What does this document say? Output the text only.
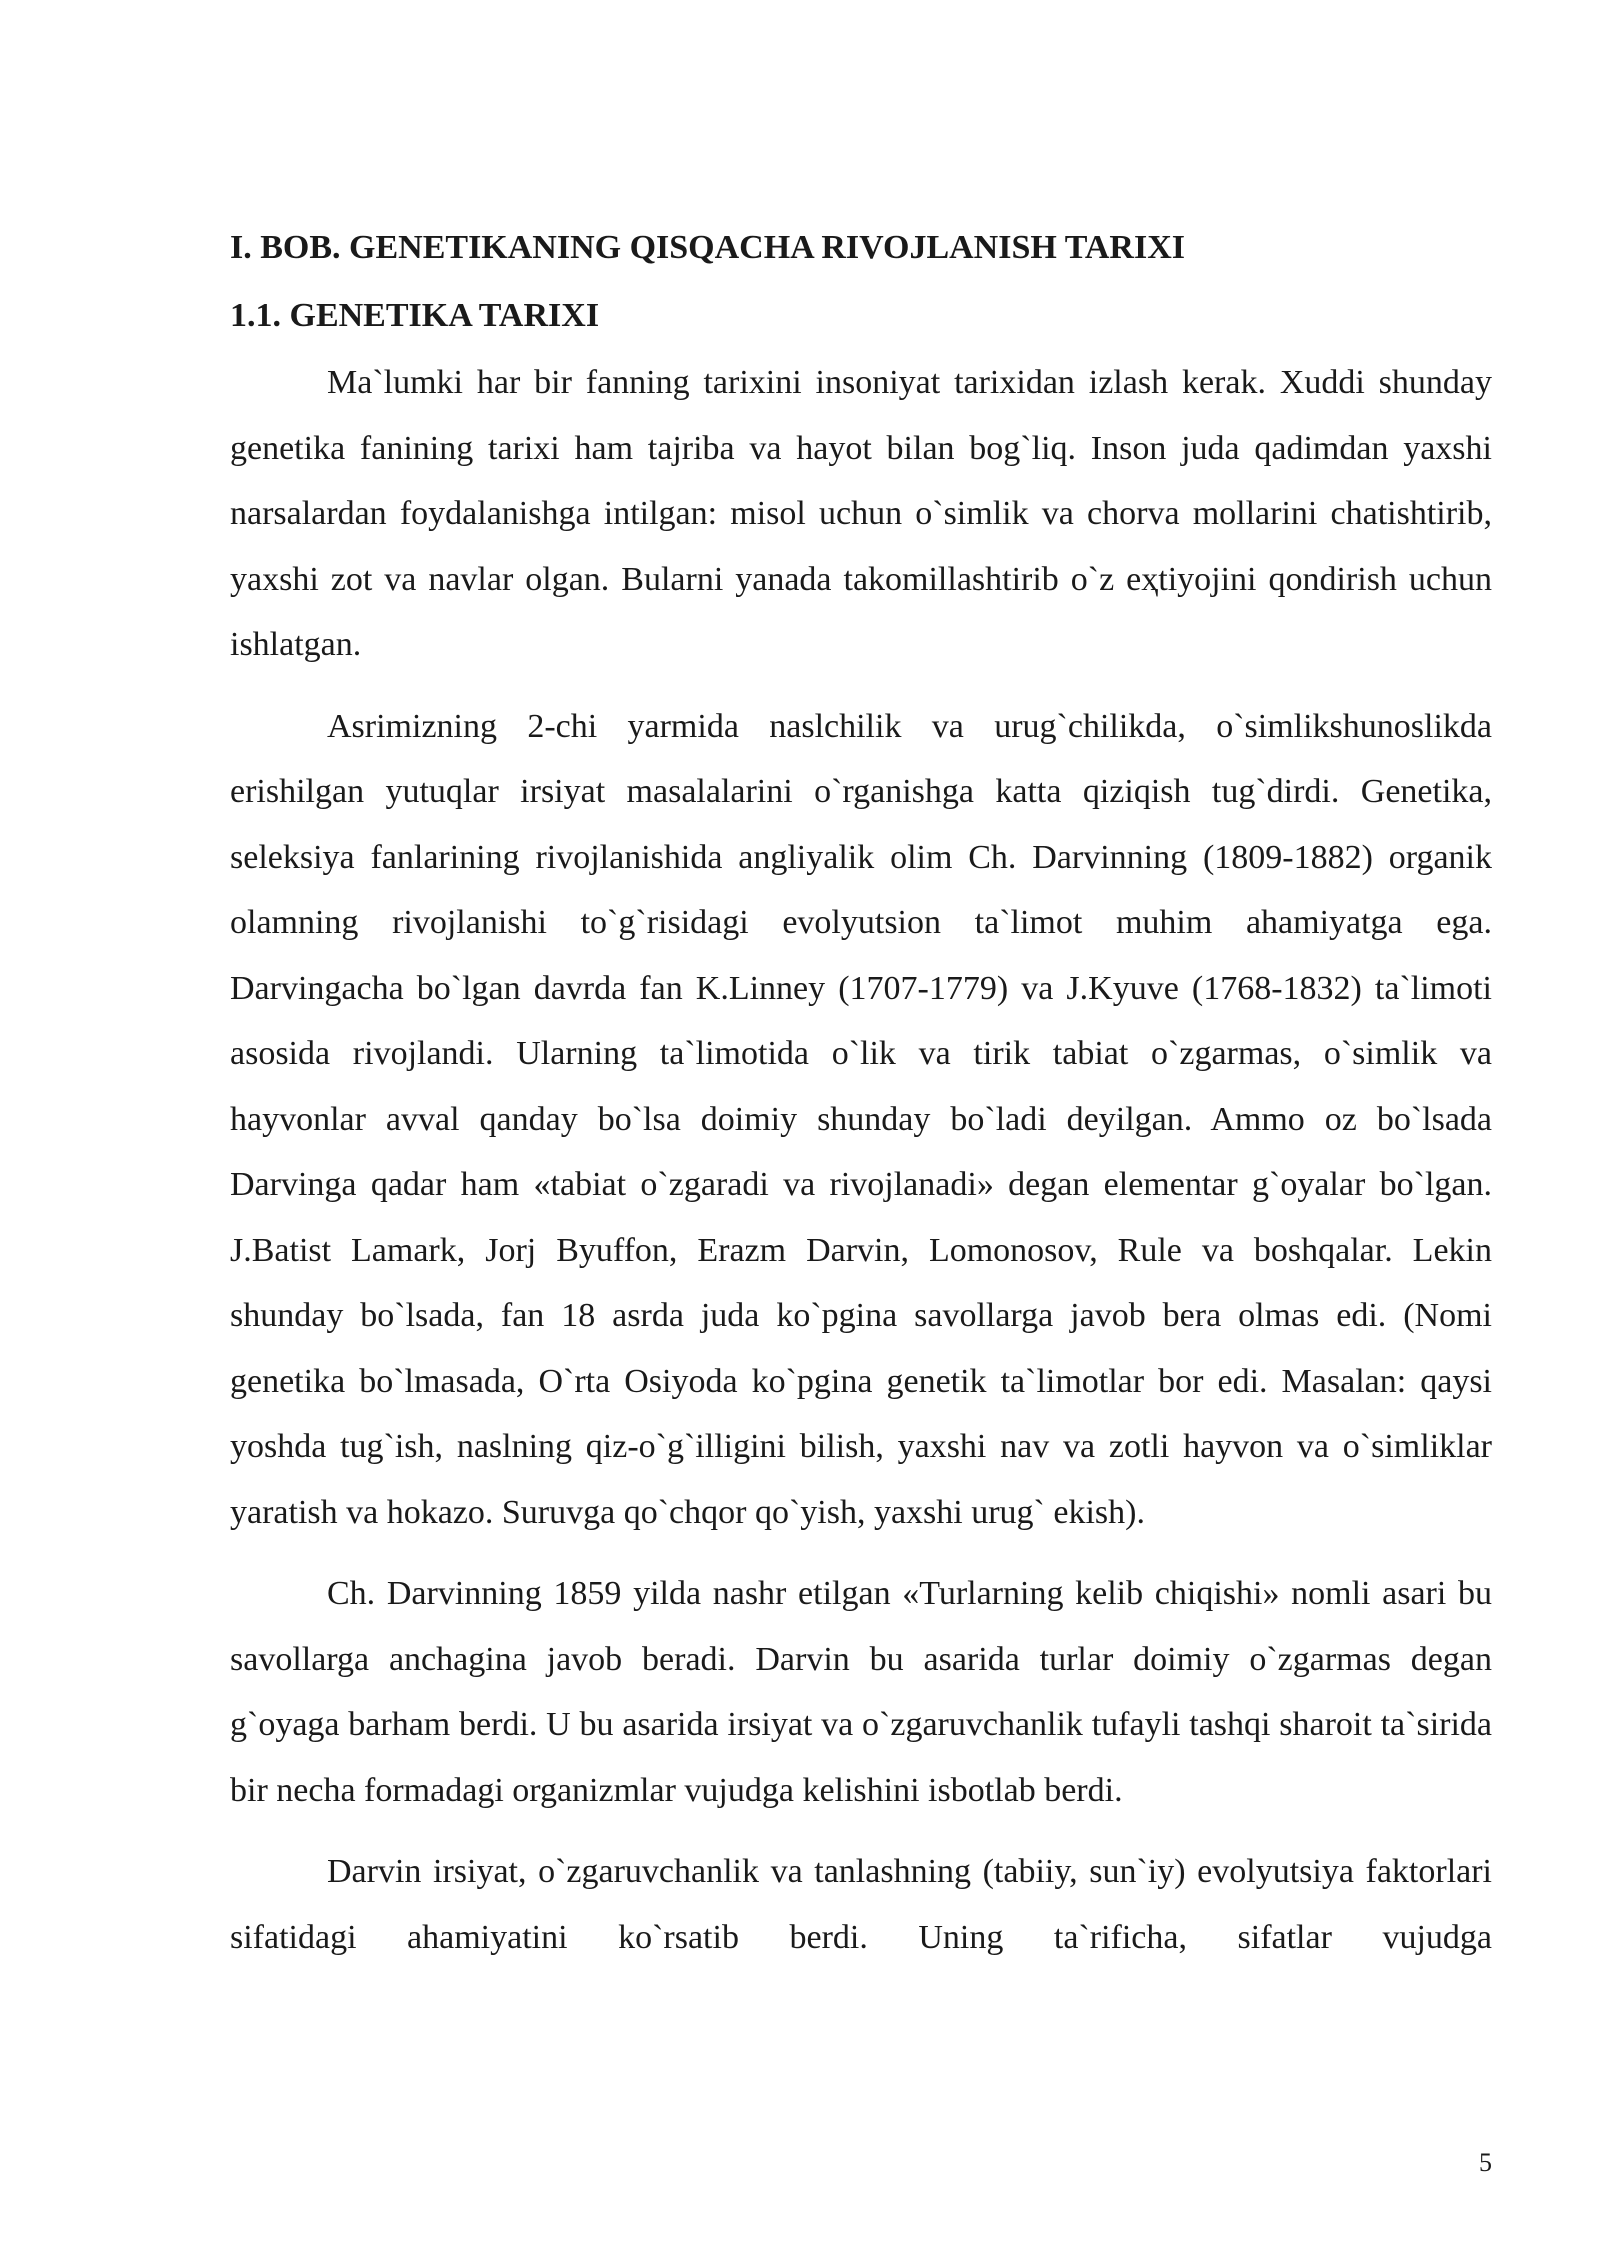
I. BOB. GENETIKANING QISQACHA RIVOJLANISH TARIXI
1.1. GENETIKA TARIXI

Ma`lumki har bir fanning tarixini insoniyat tarixidan izlash kerak. Xuddi shunday genetika fanining tarixi ham tajriba va hayot bilan bog`liq. Inson juda qadimdan yaxshi narsalardan foydalanishga intilgan: misol uchun o`simlik va chorva mollarini chatishtirib, yaxshi zot va navlar olgan. Bularni yanada takomillashtirib o`z eҳtiyojini qondirish uchun ishlatgan.

Asrimizning 2-chi yarmida naslchilik va urug`chilikda, o`simlikshunoslikda erishilgan yutuqlar irsiyat masalalarini o`rganishga katta qiziqish tug`dirdi. Genetika, seleksiya fanlarining rivojlanishida angliyalik olim Ch. Darvinning (1809-1882) organik olamning rivojlanishi to`g`risidagi evolyutsion ta`limot muhim ahamiyatga ega. Darvingacha bo`lgan davrda fan K.Linney (1707-1779) va J.Kyuve (1768-1832) ta`limoti asosida rivojlandi. Ularning ta`limotida o`lik va tirik tabiat o`zgarmas, o`simlik va hayvonlar avval qanday bo`lsa doimiy shunday bo`ladi deyilgan. Ammo oz bo`lsada Darvinga qadar ham «tabiat o`zgaradi va rivojlanadi» degan elementar g`oyalar bo`lgan. J.Batist Lamark, Jorj Byuffon, Erazm Darvin, Lomonosov, Rule va boshqalar. Lekin shunday bo`lsada, fan 18 asrda juda ko`pgina savollarga javob bera olmas edi. (Nomi genetika bo`lmasada, O`rta Osiyoda ko`pgina genetik ta`limotlar bor edi. Masalan: qaysi yoshda tug`ish, naslning qiz-o`g`illigini bilish, yaxshi nav va zotli hayvon va o`simliklar yaratish va hokazo. Suruvga qo`chqor qo`yish, yaxshi urug` ekish).

Ch. Darvinning 1859 yilda nashr etilgan «Turlarning kelib chiqishi» nomli asari bu savollarga anchagina javob beradi. Darvin bu asarida turlar doimiy o`zgarmas degan g`oyaga barham berdi. U bu asarida irsiyat va o`zgaruvchanlik tufayli tashqi sharoit ta`sirida bir necha formadagi organizmlar vujudga kelishini isbotlab berdi.

Darvin irsiyat, o`zgaruvchanlik va tanlashning (tabiiy, sun`iy) evolyutsiya faktorlari sifatidagi ahamiyatini ko`rsatib berdi. Uning ta`rificha, sifatlar vujudga

5
